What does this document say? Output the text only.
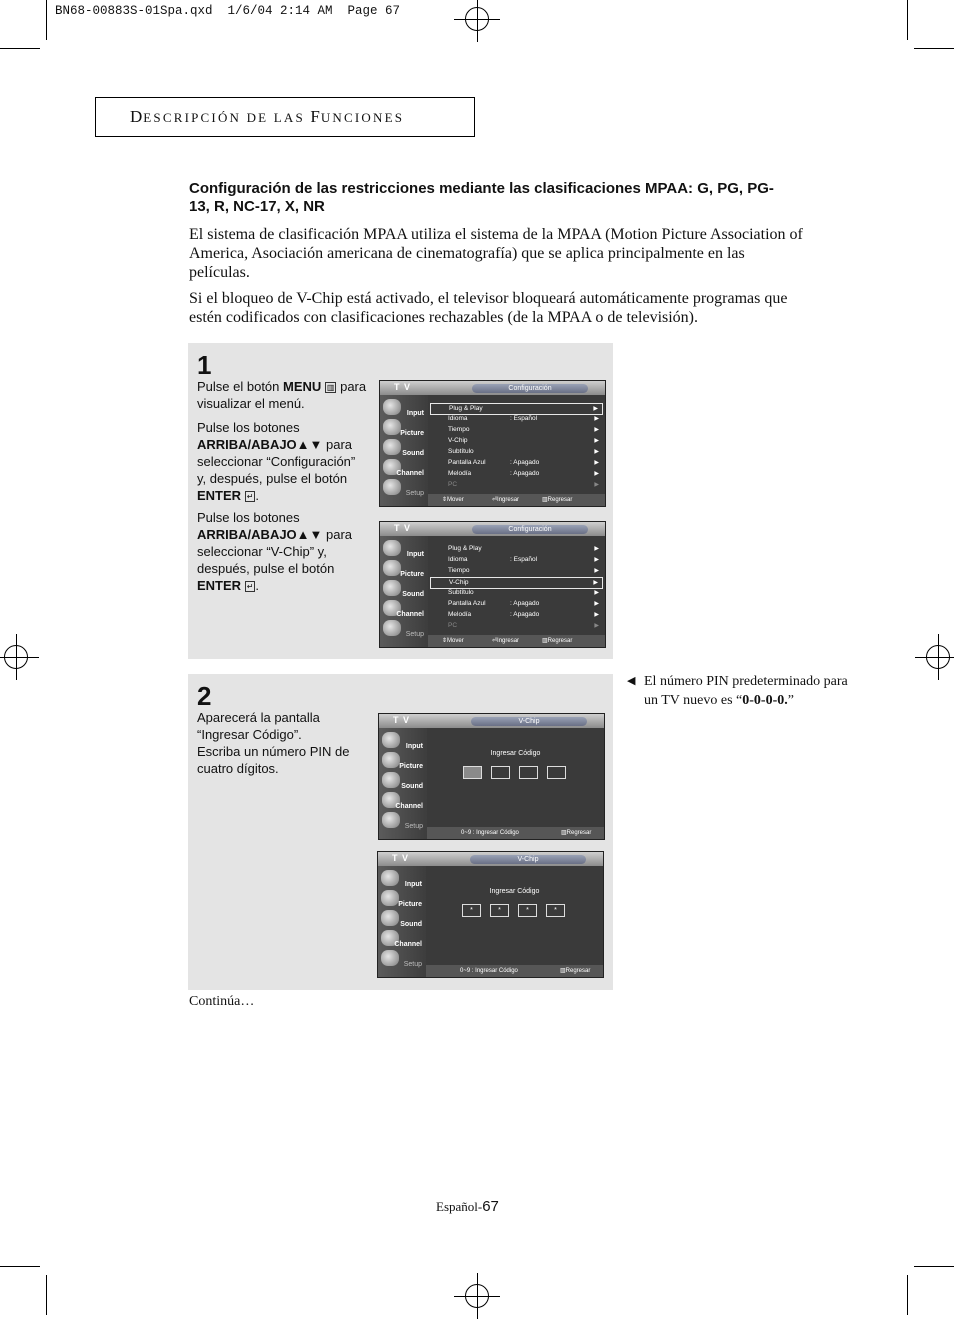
BN68-00883S-01Spa.qxd  1/6/04 2:14 AM  Page 67
DESCRIPCIÓN DE LAS FUNCIONES
Configuración de las restricciones mediante las clasificaciones MPAA: G, PG, PG-13, R, NC-17, X, NR
El sistema de clasificación MPAA utiliza el sistema de la MPAA (Motion Picture Association of America, Asociación americana de cinematografía) que se aplica principalmente en las películas.
Si el bloqueo de V-Chip está activado, el televisor bloqueará automáticamente programas que estén codificados con clasificaciones rechazables (de la MPAA o de televisión).
1
Pulse el botón MENU ▥ para visualizar el menú.
Pulse los botones ARRIBA/ABAJO▲▼ para seleccionar “Configuración” y, después, pulse el botón ENTER ↵ .
Pulse los botones ARRIBA/ABAJO▲▼ para seleccionar “V-Chip” y, después, pulse el botón ENTER ↵ .
T V	Configuración
Input
Picture
Sound
Channel
Setup
Plug & Play	▶
Idioma	: Español	▶
Tiempo	▶
V-Chip	▶
Subtítulo	▶
Pantalla Azul	: Apagado	▶
Melodía	: Apagado	▶
PC	▶
⇕ Mover	⏎ Ingresar	▥ Regresar
T V	Configuración
Input
Picture
Sound
Channel
Setup
Plug & Play	▶
Idioma	: Español	▶
Tiempo	▶
V-Chip	▶
Subtítulo	▶
Pantalla Azul	: Apagado	▶
Melodía	: Apagado	▶
PC	▶
⇕ Mover	⏎ Ingresar	▥ Regresar
2
Aparecerá la pantalla “Ingresar Código”.
Escriba un número PIN de cuatro dígitos.
T V	V-Chip
Input
Picture
Sound
Channel
Setup
Ingresar Código
0~9 : Ingresar Código	▥ Regresar
T V	V-Chip
Input
Picture
Sound
Channel
Setup
Ingresar Código
*	*	*	*
0~9 : Ingresar Código	▥ Regresar
◀ El número PIN predeterminado para un TV nuevo es “0-0-0-0.”
Continúa…
Español-67
